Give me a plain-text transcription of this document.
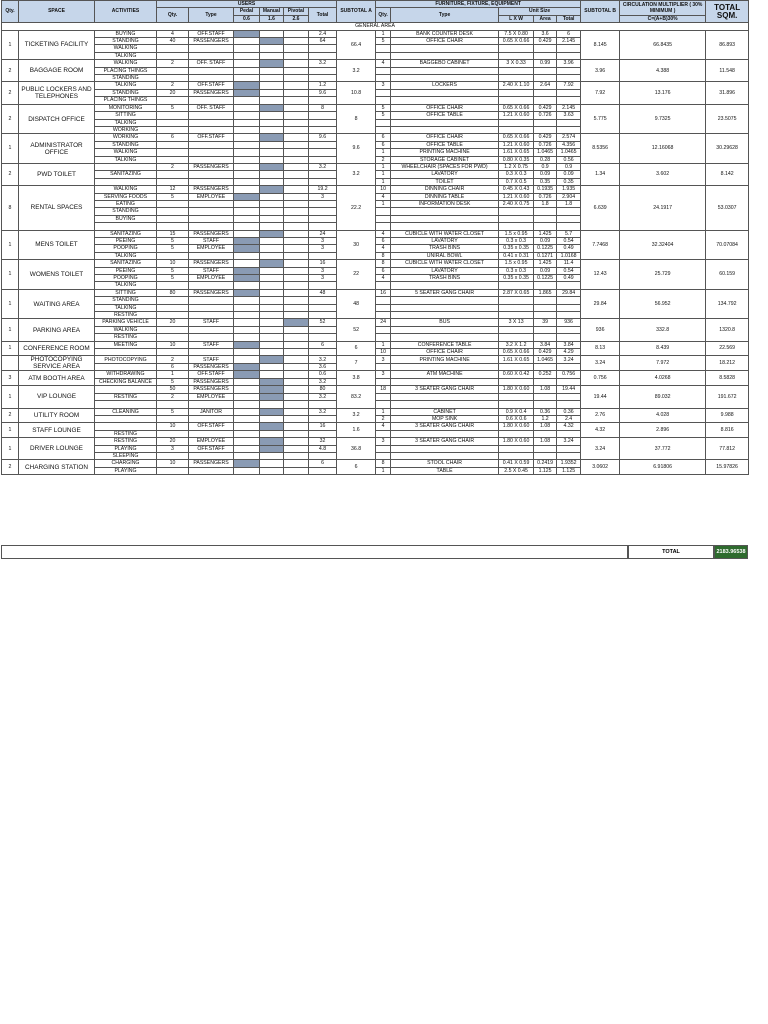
Qty.	SPACE	ACTIVITIES	USERS						SUBTOTAL A	FURNITURE, FIXTURE, EQUIPMENT					SUBTOTAL B	CIRCULATION MULTIPLIER ( 30% MINIMUM )	TOTAL SQM.
			Qty.	Type	Pedal	Manual	Pivotal	Total		Qty.	Type	Unit Size					
					0.6	1.6	2.6					L X W	Area	Total		C=(A+B)30%	
GENERAL AREA																	
1	TICKETING FACILITY	BUYING	4	OFF.STAFF				2.4	66.4	1	BANK COUNTER DESK	7.5 X 0.80	3.6	6	8.145	66.8435	86.893
		STANDING	40	PASSENGERS				64		5	OFFICE CHAIR	0.65 X 0.66	0.429	2.145			
		WALKING															
		TALKING															
2	BAGGAGE ROOM	WALKING	2	OFF. STAFF				3.2	3.2	4	BAGGEBO CABINET	3 X 0.33	0.99	3.96	3.96	4.388	11.548
		PLACING THINGS															
		STANDING															
2	PUBLIC LOCKERS AND TELEPHONES	TALKING	2	OFF.STAFF				1.2	10.8	3	LOCKERS	2.40 X 1.10	2.64	7.92	7.92	13.176	31.896
		STANDING	20	PASSENGERS				9.6									
		PLACING THINGS															
2	DISPATCH OFFICE	MONITORING	5	OFF. STAFF				8	8	5	OFFICE CHAIR	0.65 X 0.66	0.429	2.145	5.775	9.7325	23.5075
		SITTING								5	OFFICE TABLE	1.21 X 0.60	0.726	3.63			
		TALKING															
		WORKING															
1	ADMINISTRATOR OFFICE	WORKING	6	OFF.STAFF				9.6	9.6	6	OFFICE CHAIR	0.65 X 0.66	0.429	2.574	8.5356	12.16068	30.29628
		STANDING								6	OFFICE TABLE	1.21 X 0.60	0.726	4.356			
		WALKING								1	PRINTING MACHINE	1.61 X 0.65	1.0465	1.0465			
		TALKING								2	STORAGE CABINET	0.80 X 0.35	0.28	0.56			
2	PWD TOILET		2	PASSENGERS				3.2	3.2	1	WHEELCHAIR (SPACES FOR PWD)	1.2 X 0.75	0.9	0.9	1.34	3.602	8.142
		SANITAZING								1	LAVATORY	0.3 X 0.3	0.09	0.09			
										1	TOILET	0.7 X 0.5	0.35	0.35			
8	RENTAL SPACES	WALKING	12	PASSENGERS				19.2	22.2	10	DINNING CHAIR	0.45 X 0.43	0.1935	1.935	6.639	24.1917	53.0307
		SERVING FOODS	5	EMPLOYEE				3		4	DINNING TABLE	1.21 X 0.60	0.726	2.904			
		EATING								1	INFORMATION DESK	2.40 X 0.75	1.8	1.8			
		STANDING															
		BUYING															

1	MENS TOILET	SANITAZING	15	PASSENGERS				24	30	4	CUBICLE WITH WATER CLOSET	1.5 x 0.95	1.425	5.7	7.7468	32.32404	70.07084
		PEEING	5	STAFF				3		6	LAVATORY	0.3 x 0.3	0.09	0.54			
		POOPING	5	EMPLOYEE				3		4	TRASH BINS	0.35 x 0.35	0.1225	0.49			
		TALKING								8	UNIRAL BOWL	0.41 x 0.31	0.1271	1.0168			
1	WOMENS TOILET	SANITAZING	10	PASSENGERS				16	22	8	CUBICLE WITH WATER CLOSET	1.5 x 0.95	1.425	11.4	12.43	25.729	60.159
		PEEING	5	STAFF				3		6	LAVATORY	0.3 x 0.3	0.09	0.54			
		POOPING	5	EMPLOYEE				3		4	TRASH BINS	0.35 x 0.35	0.1225	0.49			
		TALKING															
1	WAITING AREA	SITTING	80	PASSENGERS				48	48	16	5 SEATER GANG CHAIR	2.87 X 0.65	1.865	29.84	29.84	56.952	134.792
		STANDING															
		TALKING															
		RESTING															
1	PARKING AREA	PARKING VEHICLE	20	STAFF				52	52	24	BUS	3 X 13	39	936	936	332.8	1320.8
		WALKING															
		RESTING															
1	CONFERENCE ROOM	MEETING	10	STAFF				6	6	1	CONFERENCE TABLE	3.2 X 1.2	3.84	3.84	8.13	8.439	22.569
										10	OFFICE CHAIR	0.65 X 0.66	0.429	4.29			
	PHOTOCOPYING SERVICE AREA	PHOTOCOPYING	2	STAFF				3.2	7	3	PRINTING MACHINE	1.61 X 0.65	1.0465	3.24	3.24	7.972	18.212
			6	PASSENGERS				3.6									
3	ATM BOOTH AREA	WITHDRAWING	1	OFF.STAFF				0.6	3.8	3	ATM MACHINE	0.60 X 0.42	0.252	0.756	0.756	4.0268	8.5828
		CHECKING BALANCE	5	PASSENGERS				3.2									
1	VIP LOUNGE		50	PASSENGERS				80	83.2	18	3 SEATER GANG CHAIR	1.80 X 0.60	1.08	19.44	19.44	89.032	191.672
		RESTING	2	EMPLOYEE				3.2									

2	UTILITY ROOM	CLEANING	5	JANITOR				3.2	3.2	1	CABINET	0.9 X 0.4	0.36	0.36	2.76	4.028	9.988
										2	MOP SINK	0.6 X 0.6	1.2	2.4			
1	STAFF LOUNGE		10	OFF.STAFF				16	1.6	4	3 SEATER GANG CHAIR	1.80 X 0.60	1.08	4.32	4.32	2.896	8.816
		RESTING															
1	DRIVER LOUNGE	RESTING	20	EMPLOYEE				32	36.8	3	3 SEATER GANG CHAIR	1.80 X 0.60	1.08	3.24	3.24	37.772	77.812
		PLAYING	3	OFF.STAFF				4.8									
		SLEEPING															
2	CHARGING STATION	CHARGING	10	PASSENGERS				6	6	8	STOOL CHAIR	0.41 X 0.59	0.2419	1.9352	3.0602	6.91806	15.97826
		PLAYING								1	TABLE	2.5 X 0.45	1.125	1.125			
TOTAL	2183.96538
